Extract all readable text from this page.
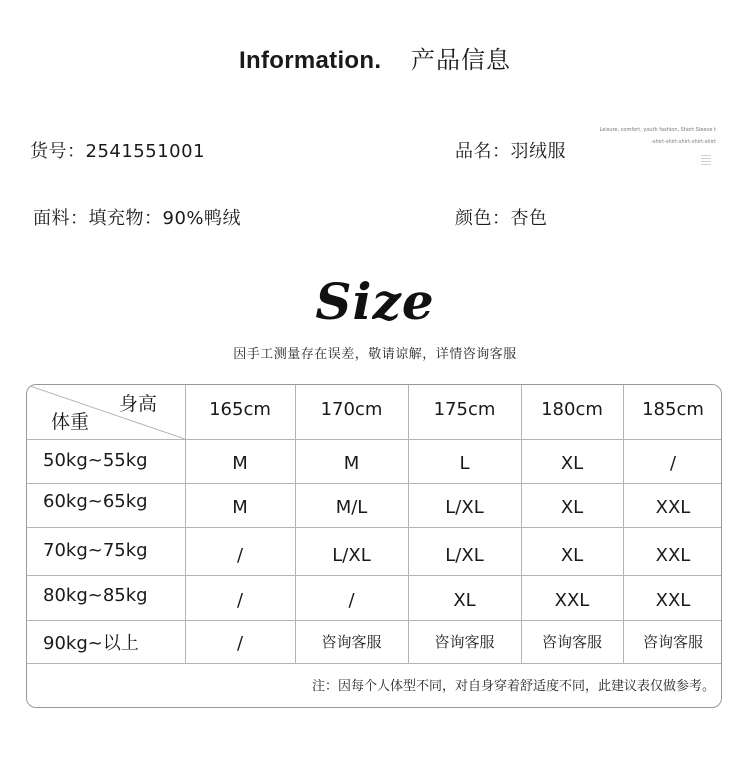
Information. 产品信息
货号：2541551001	品名：羽绒服
面料：填充物：90%鸭绒	颜色：杏色
Leisure, comfort, youth fashion, Short Sleeve t
-shirt-shirt-shirt-shirt-shirt
Size
因手工测量存在误差，敬请谅解，详情咨询客服
身高
体重
165cm	170cm	175cm	180cm	185cm
50kg~55kg	M	M	L	XL	/
60kg~65kg	M	M/L	L/XL	XL	XXL
70kg~75kg	/	L/XL	L/XL	XL	XXL
80kg~85kg	/	/	XL	XXL	XXL
90kg~以上	/	咨询客服	咨询客服	咨询客服	咨询客服
注：因每个人体型不同，对自身穿着舒适度不同，此建议表仅做参考。
